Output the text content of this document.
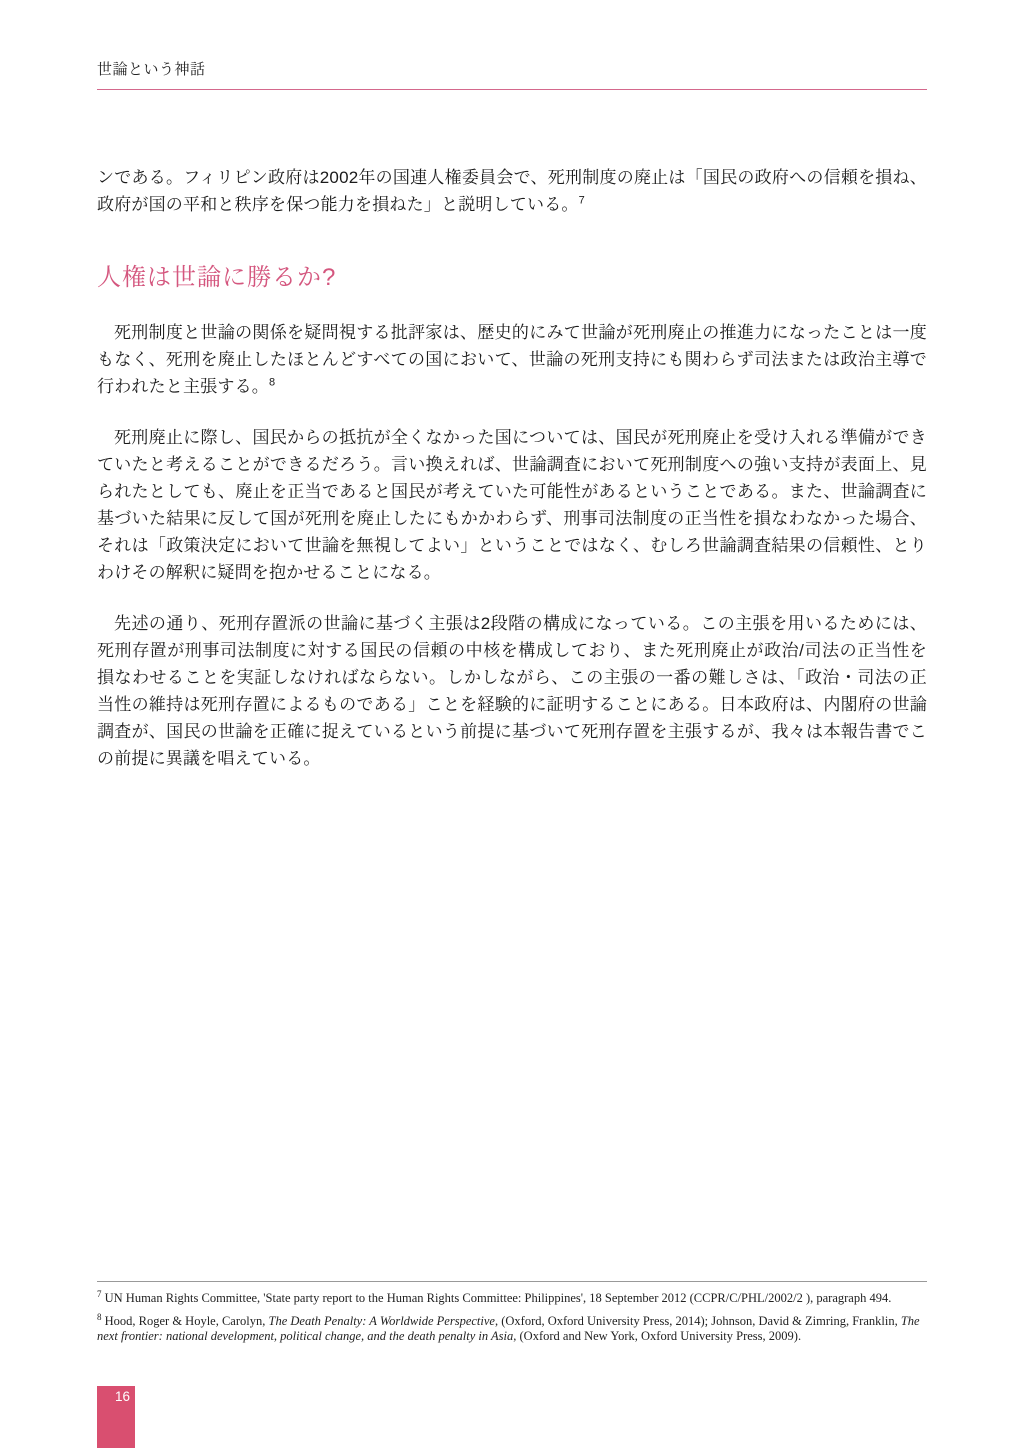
世論という神話

ンである。フィリピン政府は2002年の国連人権委員会で、死刑制度の廃止は「国民の政府への信頼を損ね、政府が国の平和と秩序を保つ能力を損ねた」と説明している。$^7$

人権は世論に勝るか?

死刑制度と世論の関係を疑問視する批評家は、歴史的にみて世論が死刑廃止の推進力になったことは一度もなく、死刑を廃止したほとんどすべての国において、世論の死刑支持にも関わらず司法または政治主導で行われたと主張する。$^8$

死刑廃止に際し、国民からの抵抗が全くなかった国については、国民が死刑廃止を受け入れる準備ができていたと考えることができるだろう。言い換えれば、世論調査において死刑制度への強い支持が表面上、見られたとしても、廃止を正当であると国民が考えていた可能性があるということである。また、世論調査に基づいた結果に反して国が死刑を廃止したにもかかわらず、刑事司法制度の正当性を損なわなかった場合、それは「政策決定において世論を無視してよい」ということではなく、むしろ世論調査結果の信頼性、とりわけその解釈に疑問を抱かせることになる。

先述の通り、死刑存置派の世論に基づく主張は2段階の構成になっている。この主張を用いるためには、死刑存置が刑事司法制度に対する国民の信頼の中核を構成しており、また死刑廃止が政治/司法の正当性を損なわせることを実証しなければならない。しかしながら、この主張の一番の難しさは、「政治・司法の正当性の維持は死刑存置によるものである」ことを経験的に証明することにある。日本政府は、内閣府の世論調査が、国民の世論を正確に捉えているという前提に基づいて死刑存置を主張するが、我々は本報告書でこの前提に異議を唱えている。

$^7$ UN Human Rights Committee, 'State party report to the Human Rights Committee: Philippines', 18 September 2012 (CCPR/C/PHL/2002/2 ), paragraph 494.

$^8$ Hood, Roger & Hoyle, Carolyn, The Death Penalty: A Worldwide Perspective, (Oxford, Oxford University Press, 2014); Johnson, David & Zimring, Franklin, The next frontier: national development, political change, and the death penalty in Asia, (Oxford and New York, Oxford University Press, 2009).

16
